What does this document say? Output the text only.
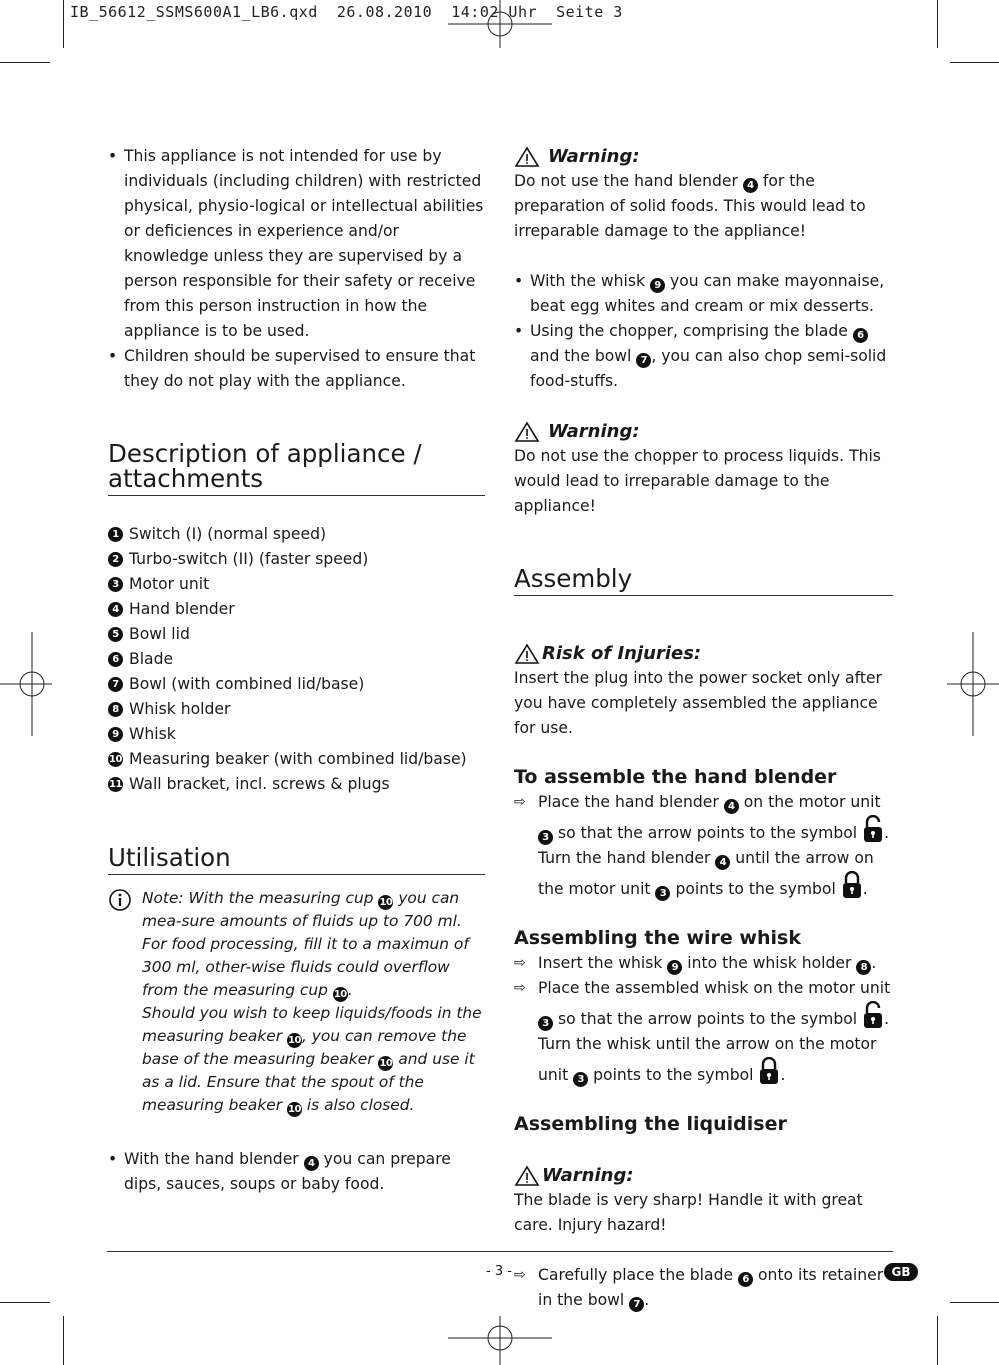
IB_56612_SSMS600A1_LB6.qxd  26.08.2010  14:02 Uhr  Seite 3
• This appliance is not intended for use by individuals (including children) with restricted physical, physio-logical or intellectual abilities or deficiences in experience and/or knowledge unless they are supervised by a person responsible for their safety or receive from this person instruction in how the appliance is to be used.
• Children should be supervised to ensure that they do not play with the appliance.
Description of appliance / attachments
1 Switch (I) (normal speed)
2 Turbo-switch (II) (faster speed)
3 Motor unit
4 Hand blender
5 Bowl lid
6 Blade
7 Bowl (with combined lid/base)
8 Whisk holder
9 Whisk
10 Measuring beaker (with combined lid/base)
11 Wall bracket, incl. screws & plugs
Utilisation
Note: With the measuring cup 10 you can mea-sure amounts of fluids up to 700 ml. For food processing, fill it to a maximun of 300 ml, other-wise fluids could overflow from the measuring cup 10.
Should you wish to keep liquids/foods in the measuring beaker 10, you can remove the base of the measuring beaker 10 and use it as a lid. Ensure that the spout of the measuring beaker 10 is also closed.
• With the hand blender 4 you can prepare dips, sauces, soups or baby food.
Warning:
Do not use the hand blender 4 for the preparation of solid foods. This would lead to irreparable damage to the appliance!
• With the whisk 9 you can make mayonnaise, beat egg whites and cream or mix desserts.
• Using the chopper, comprising the blade 6 and the bowl 7 , you can also chop semi-solid food-stuffs.
Warning:
Do not use the chopper to process liquids. This would lead to irreparable damage to the appliance!
Assembly
Risk of Injuries:
Insert the plug into the power socket only after you have completely assembled the appliance for use.
To assemble the hand blender
⇨ Place the hand blender 4 on the motor unit 3 so that the arrow points to the symbol . Turn the hand blender 4 until the arrow on the motor unit 3 points to the symbol .
Assembling the wire whisk
⇨ Insert the whisk 9 into the whisk holder 8 .
⇨ Place the assembled whisk on the motor unit 3 so that the arrow points to the symbol . Turn the whisk until the arrow on the motor unit 3 points to the symbol .
Assembling the liquidiser
Warning:
The blade is very sharp! Handle it with great care. Injury hazard!
⇨ Carefully place the blade 6 onto its retainer in the bowl 7 .
- 3 -	GB
